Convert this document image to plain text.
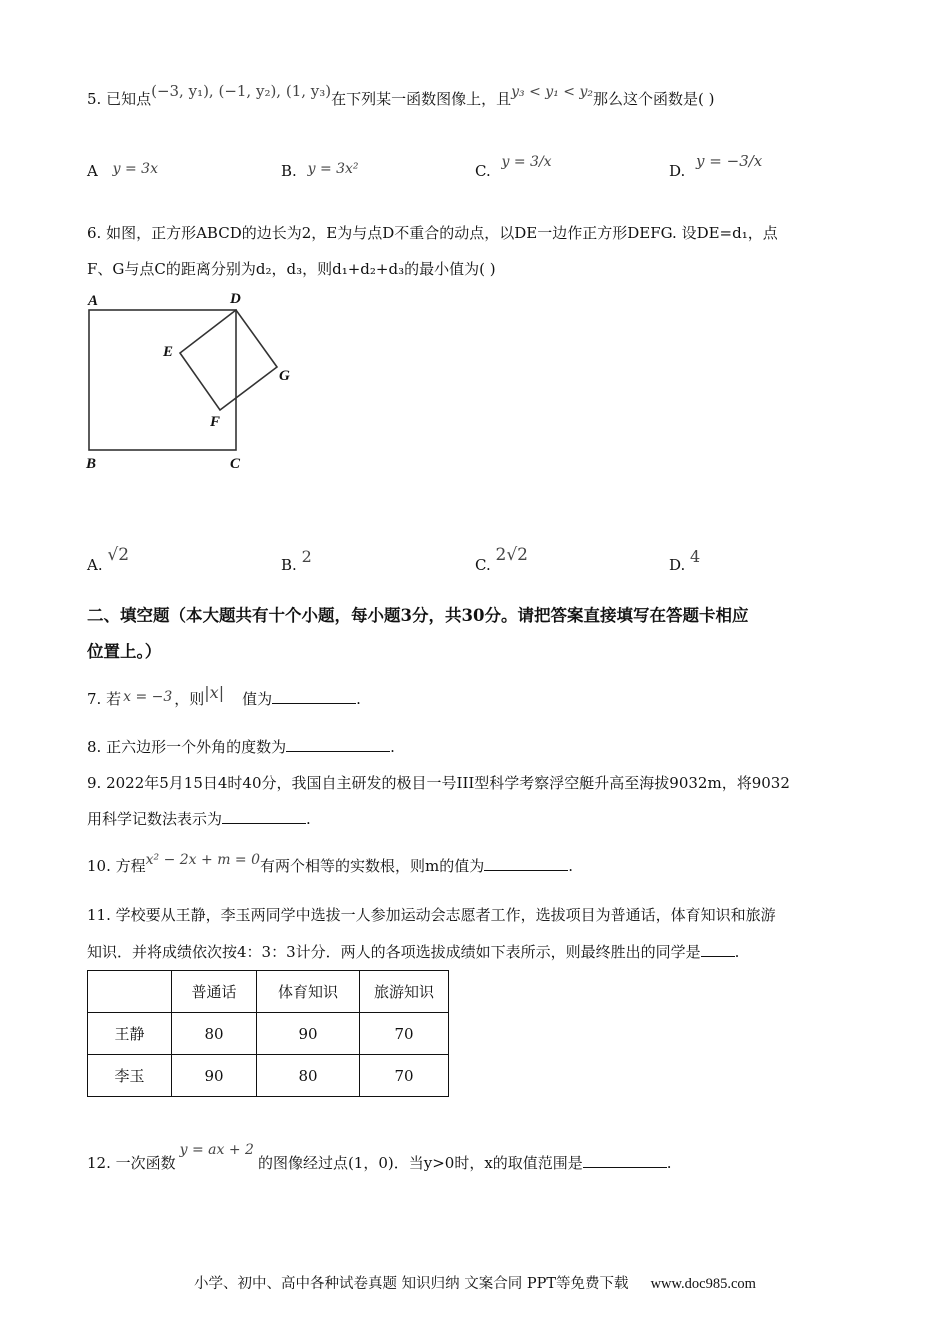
5. 已知点(−3, y₁), (−1, y₂), (1, y₃)在下列某一函数图像上，且y₃ < y₁ < y₂那么这个函数是( )
A y = 3x	B. y = 3x²	C. y = 3/x	D. y = −3/x
6. 如图，正方形ABCD的边长为2，E为与点D不重合的动点，以DE一边作正方形DEFG. 设DE=d₁，点
F、G与点C的距离分别为d₂，d₃，则d₁+d₂+d₃的最小值为( )
A	D
E
G
F
B	C
A. √2	B. 2	C. 2√2	D. 4
二、填空题（本大题共有十个小题，每小题3分，共30分。请把答案直接填写在答题卡相应
位置上。）
7. 若 x = −3 ，则|x| 值为	.
8. 正六边形一个外角的度数为	.
9. 2022年5月15日4时40分，我国自主研发的极目一号III型科学考察浮空艇升高至海拔9032m，将9032
用科学记数法表示为	.
10. 方程x² − 2x + m = 0有两个相等的实数根，则m的值为	.
11. 学校要从王静，李玉两同学中选拔一人参加运动会志愿者工作，选拔项目为普通话，体育知识和旅游
知识．并将成绩依次按4：3：3计分．两人的各项选拔成绩如下表所示，则最终胜出的同学是 .
	普通话	体育知识	旅游知识
王静	80	90	70
李玉	90	80	70
12. 一次函数y = ax + 2的图像经过点(1，0)．当y>0时，x的取值范围是	.
小学、初中、高中各种试卷真题 知识归纳 文案合同 PPT等免费下载 www.doc985.com
